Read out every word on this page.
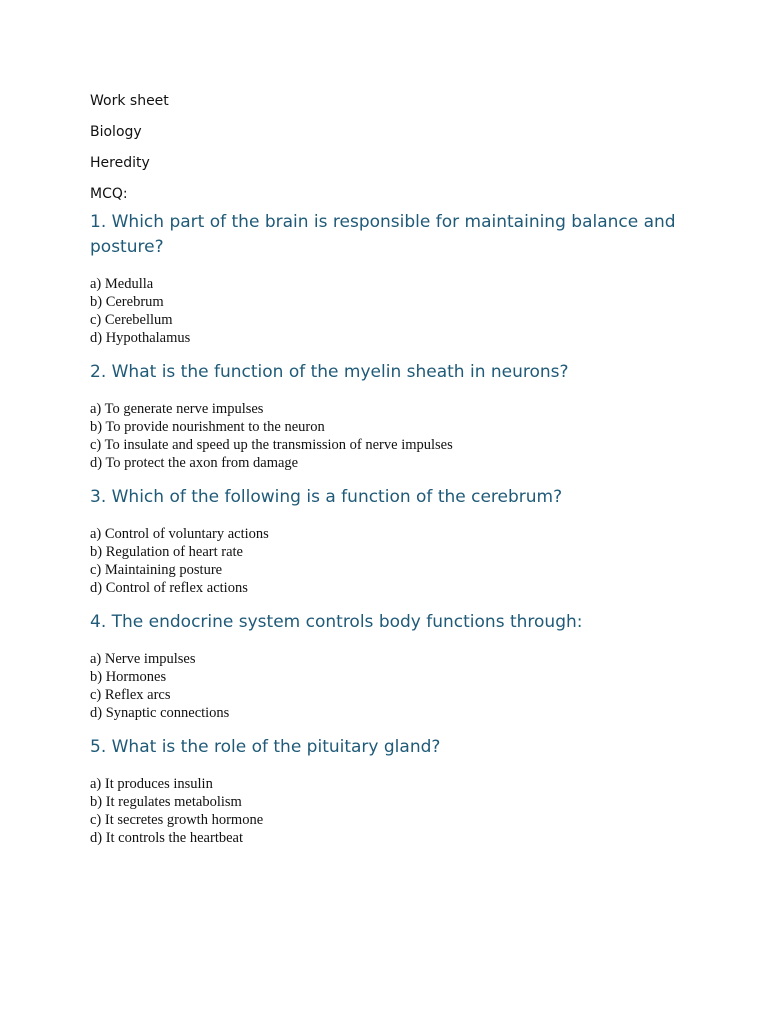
Work sheet
Biology
Heredity
MCQ:
1. Which part of the brain is responsible for maintaining balance and posture?
a) Medulla
b) Cerebrum
c) Cerebellum
d) Hypothalamus
2. What is the function of the myelin sheath in neurons?
a) To generate nerve impulses
b) To provide nourishment to the neuron
c) To insulate and speed up the transmission of nerve impulses
d) To protect the axon from damage
3. Which of the following is a function of the cerebrum?
a) Control of voluntary actions
b) Regulation of heart rate
c) Maintaining posture
d) Control of reflex actions
4. The endocrine system controls body functions through:
a) Nerve impulses
b) Hormones
c) Reflex arcs
d) Synaptic connections
5. What is the role of the pituitary gland?
a) It produces insulin
b) It regulates metabolism
c) It secretes growth hormone
d) It controls the heartbeat
